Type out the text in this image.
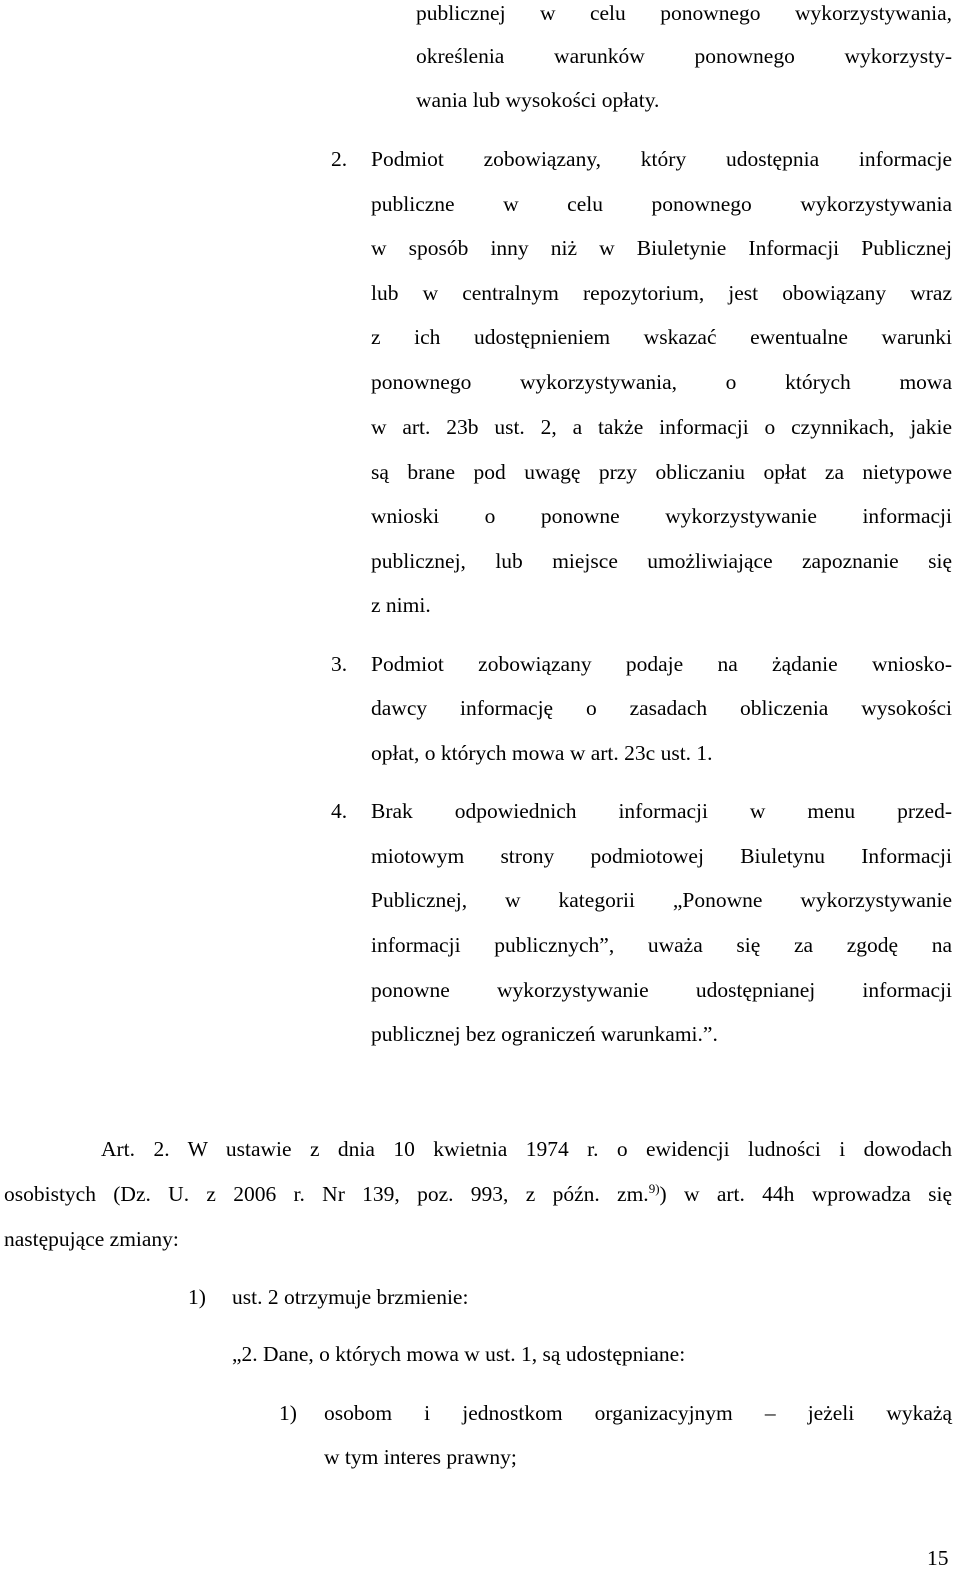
publicznej w celu ponownego wykorzystywania,
określenia warunków ponownego wykorzysty-
wania lub wysokości opłaty.
2. Podmiot zobowiązany, który udostępnia informacje
publiczne w celu ponownego wykorzystywania
w sposób inny niż w Biuletynie Informacji Publicznej
lub w centralnym repozytorium, jest obowiązany wraz
z ich udostępnieniem wskazać ewentualne warunki
ponownego wykorzystywania, o których mowa
w art. 23b ust. 2, a także informacji o czynnikach, jakie
są brane pod uwagę przy obliczaniu opłat za nietypowe
wnioski o ponowne wykorzystywanie informacji
publicznej, lub miejsce umożliwiające zapoznanie się
z nimi.
3. Podmiot zobowiązany podaje na żądanie wniosko-
dawcy informację o zasadach obliczenia wysokości
opłat, o których mowa w art. 23c ust. 1.
4. Brak odpowiednich informacji w menu przed-
miotowym strony podmiotowej Biuletynu Informacji
Publicznej, w kategorii „Ponowne wykorzystywanie
informacji publicznych”, uważa się za zgodę na
ponowne wykorzystywanie udostępnianej informacji
publicznej bez ograniczeń warunkami.”.
Art. 2. W ustawie z dnia 10 kwietnia 1974 r. o ewidencji ludności i dowodach
osobistych (Dz. U. z 2006 r. Nr 139, poz. 993, z późn. zm.$^{9)}$) w art. 44h wprowadza się
następujące zmiany:
1) ust. 2 otrzymuje brzmienie:
„2. Dane, o których mowa w ust. 1, są udostępniane:
1) osobom i jednostkom organizacyjnym – jeżeli wykażą
w tym interes prawny;
15
